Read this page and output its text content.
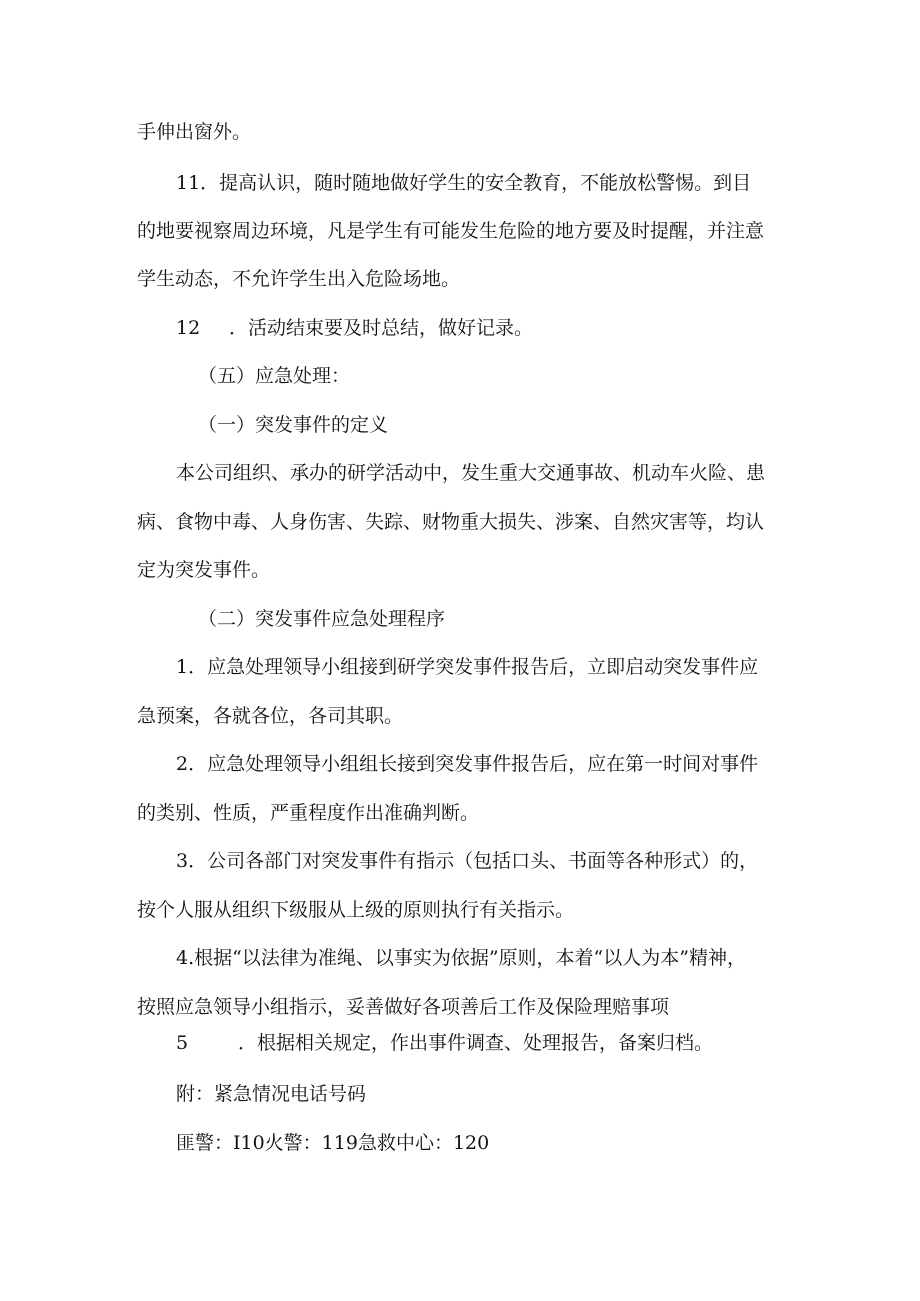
手伸出窗外。

11．提高认识，随时随地做好学生的安全教育，不能放松警惕。到目

的地要视察周边环境，凡是学生有可能发生危险的地方要及时提醒，并注意

学生动态，不允许学生出入危险场地。

12 ．活动结束要及时总结，做好记录。

（五）应急处理：

（一）突发事件的定义

本公司组织、承办的研学活动中，发生重大交通事故、机动车火险、患

病、食物中毒、人身伤害、失踪、财物重大损失、涉案、自然灾害等，均认

定为突发事件。

（二）突发事件应急处理程序

1．应急处理领导小组接到研学突发事件报告后，立即启动突发事件应

急预案，各就各位，各司其职。

2．应急处理领导小组组长接到突发事件报告后，应在第一时间对事件

的类别、性质，严重程度作出准确判断。

3．公司各部门对突发事件有指示（包括口头、书面等各种形式）的，

按个人服从组织下级服从上级的原则执行有关指示。

4.根据“以法律为准绳、以事实为依据”原则，本着“以人为本”精神，

按照应急领导小组指示，妥善做好各项善后工作及保险理赔事项

5	．根据相关规定，作出事件调查、处理报告，备案归档。

附：紧急情况电话号码

匪警：I10火警：119急救中心：120
